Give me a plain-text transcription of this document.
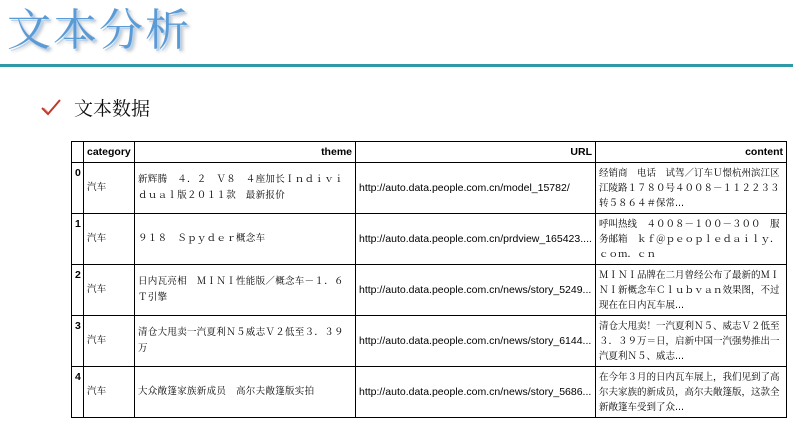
文本分析
文本数据
	category	theme	URL	content
0	汽车	新辉腾　４．２　Ｖ８　４座加长Ｉｎｄｉｖｉｄｕａｌ版２０１１款　最新报价	http://auto.data.people.com.cn/model_15782/	经销商　电话　试驾／订车Ｕ憬杭州滨江区江陵路１７８０号４００８－１１２２３３转５８６４＃保常...
1	汽车	９１８　Ｓｐｙｄｅｒ概念车	http://auto.data.people.com.cn/prdview_165423....	呼叫热线　４００８－１００－３００　服务邮箱　ｋｆ＠ｐｅｏｐｌｅｄａｉｌｙ．ｃｏｍ．ｃｎ
2	汽车	日内瓦亮相　ＭＩＮＩ性能版／概念车－１．６Ｔ引擎	http://auto.data.people.com.cn/news/story_5249...	ＭＩＮＩ品牌在二月曾经公布了最新的ＭＩＮＩ新概念车Ｃｌｕｂｖａｎ效果图，不过现在在日内瓦车展...
3	汽车	清仓大甩卖一汽夏利Ｎ５威志Ｖ２低至３．３９万	http://auto.data.people.com.cn/news/story_6144...	清仓大甩卖！一汽夏利Ｎ５、威志Ｖ２低至３．３９万＝日，启新中国一汽强势推出一汽夏利Ｎ５、威志...
4	汽车	大众敞篷家族新成员　高尔夫敞篷版实拍	http://auto.data.people.com.cn/news/story_5686...	在今年３月的日内瓦车展上，我们见到了高尔夫家族的新成员，高尔夫敞篷版，这款全新敞篷车受到了众...
